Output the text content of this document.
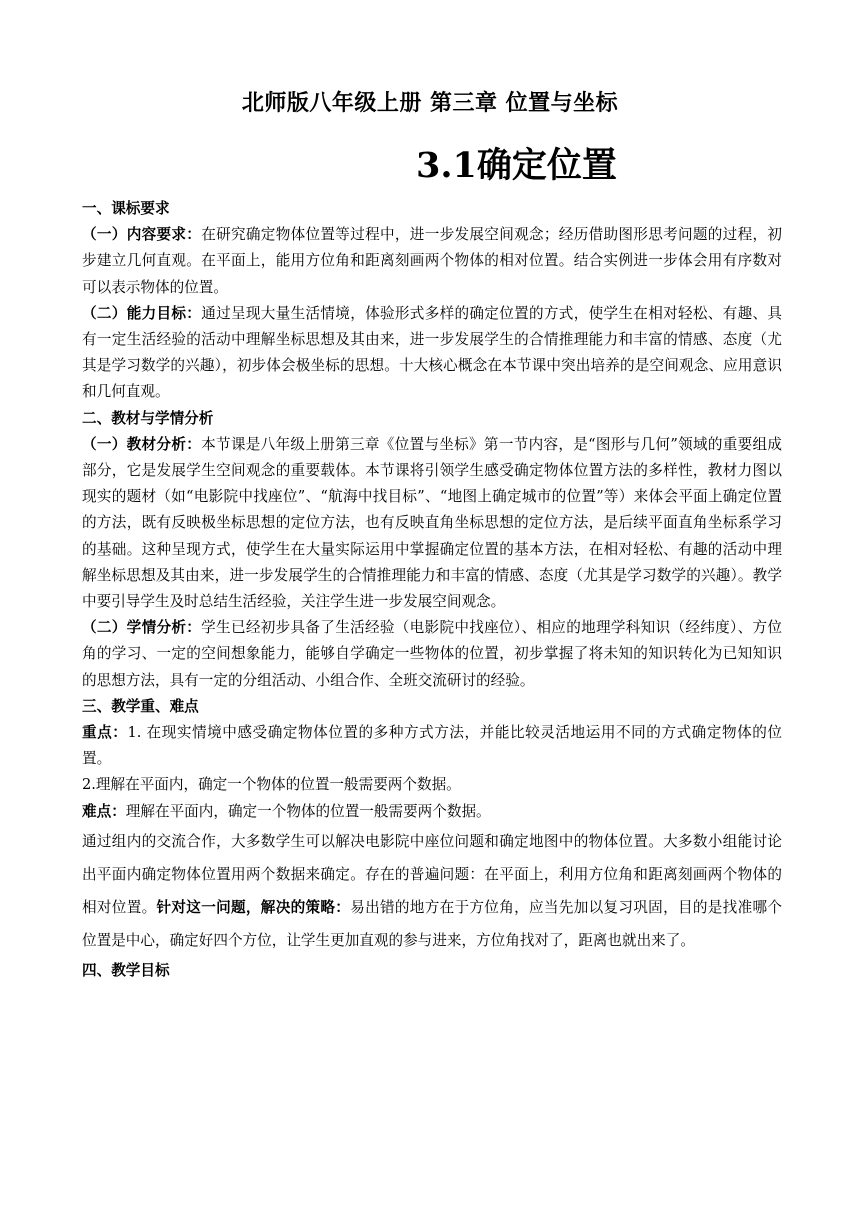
北师版八年级上册 第三章 位置与坐标
3.1确定位置

一、课标要求

（一）内容要求：在研究确定物体位置等过程中，进一步发展空间观念；经历借助图形思考问题的过程，初步建立几何直观。在平面上，能用方位角和距离刻画两个物体的相对位置。结合实例进一步体会用有序数对可以表示物体的位置。

（二）能力目标：通过呈现大量生活情境，体验形式多样的确定位置的方式，使学生在相对轻松、有趣、具有一定生活经验的活动中理解坐标思想及其由来，进一步发展学生的合情推理能力和丰富的情感、态度（尤其是学习数学的兴趣），初步体会极坐标的思想。十大核心概念在本节课中突出培养的是空间观念、应用意识和几何直观。

二、教材与学情分析

（一）教材分析：本节课是八年级上册第三章《位置与坐标》第一节内容，是“图形与几何”领域的重要组成部分，它是发展学生空间观念的重要载体。本节课将引领学生感受确定物体位置方法的多样性，教材力图以现实的题材（如“电影院中找座位”、“航海中找目标”、“地图上确定城市的位置”等）来体会平面上确定位置的方法，既有反映极坐标思想的定位方法，也有反映直角坐标思想的定位方法，是后续平面直角坐标系学习的基础。这种呈现方式，使学生在大量实际运用中掌握确定位置的基本方法，在相对轻松、有趣的活动中理解坐标思想及其由来，进一步发展学生的合情推理能力和丰富的情感、态度（尤其是学习数学的兴趣）。教学中要引导学生及时总结生活经验，关注学生进一步发展空间观念。

（二）学情分析：学生已经初步具备了生活经验（电影院中找座位）、相应的地理学科知识（经纬度）、方位角的学习、一定的空间想象能力，能够自学确定一些物体的位置，初步掌握了将未知的知识转化为已知知识的思想方法，具有一定的分组活动、小组合作、全班交流研讨的经验。

三、教学重、难点

重点：1. 在现实情境中感受确定物体位置的多种方式方法，并能比较灵活地运用不同的方式确定物体的位置。

2.理解在平面内，确定一个物体的位置一般需要两个数据。

难点：理解在平面内，确定一个物体的位置一般需要两个数据。

通过组内的交流合作，大多数学生可以解决电影院中座位问题和确定地图中的物体位置。大多数小组能讨论出平面内确定物体位置用两个数据来确定。存在的普遍问题：在平面上，利用方位角和距离刻画两个物体的相对位置。针对这一问题，解决的策略：易出错的地方在于方位角，应当先加以复习巩固，目的是找准哪个位置是中心，确定好四个方位，让学生更加直观的参与进来，方位角找对了，距离也就出来了。

四、教学目标
